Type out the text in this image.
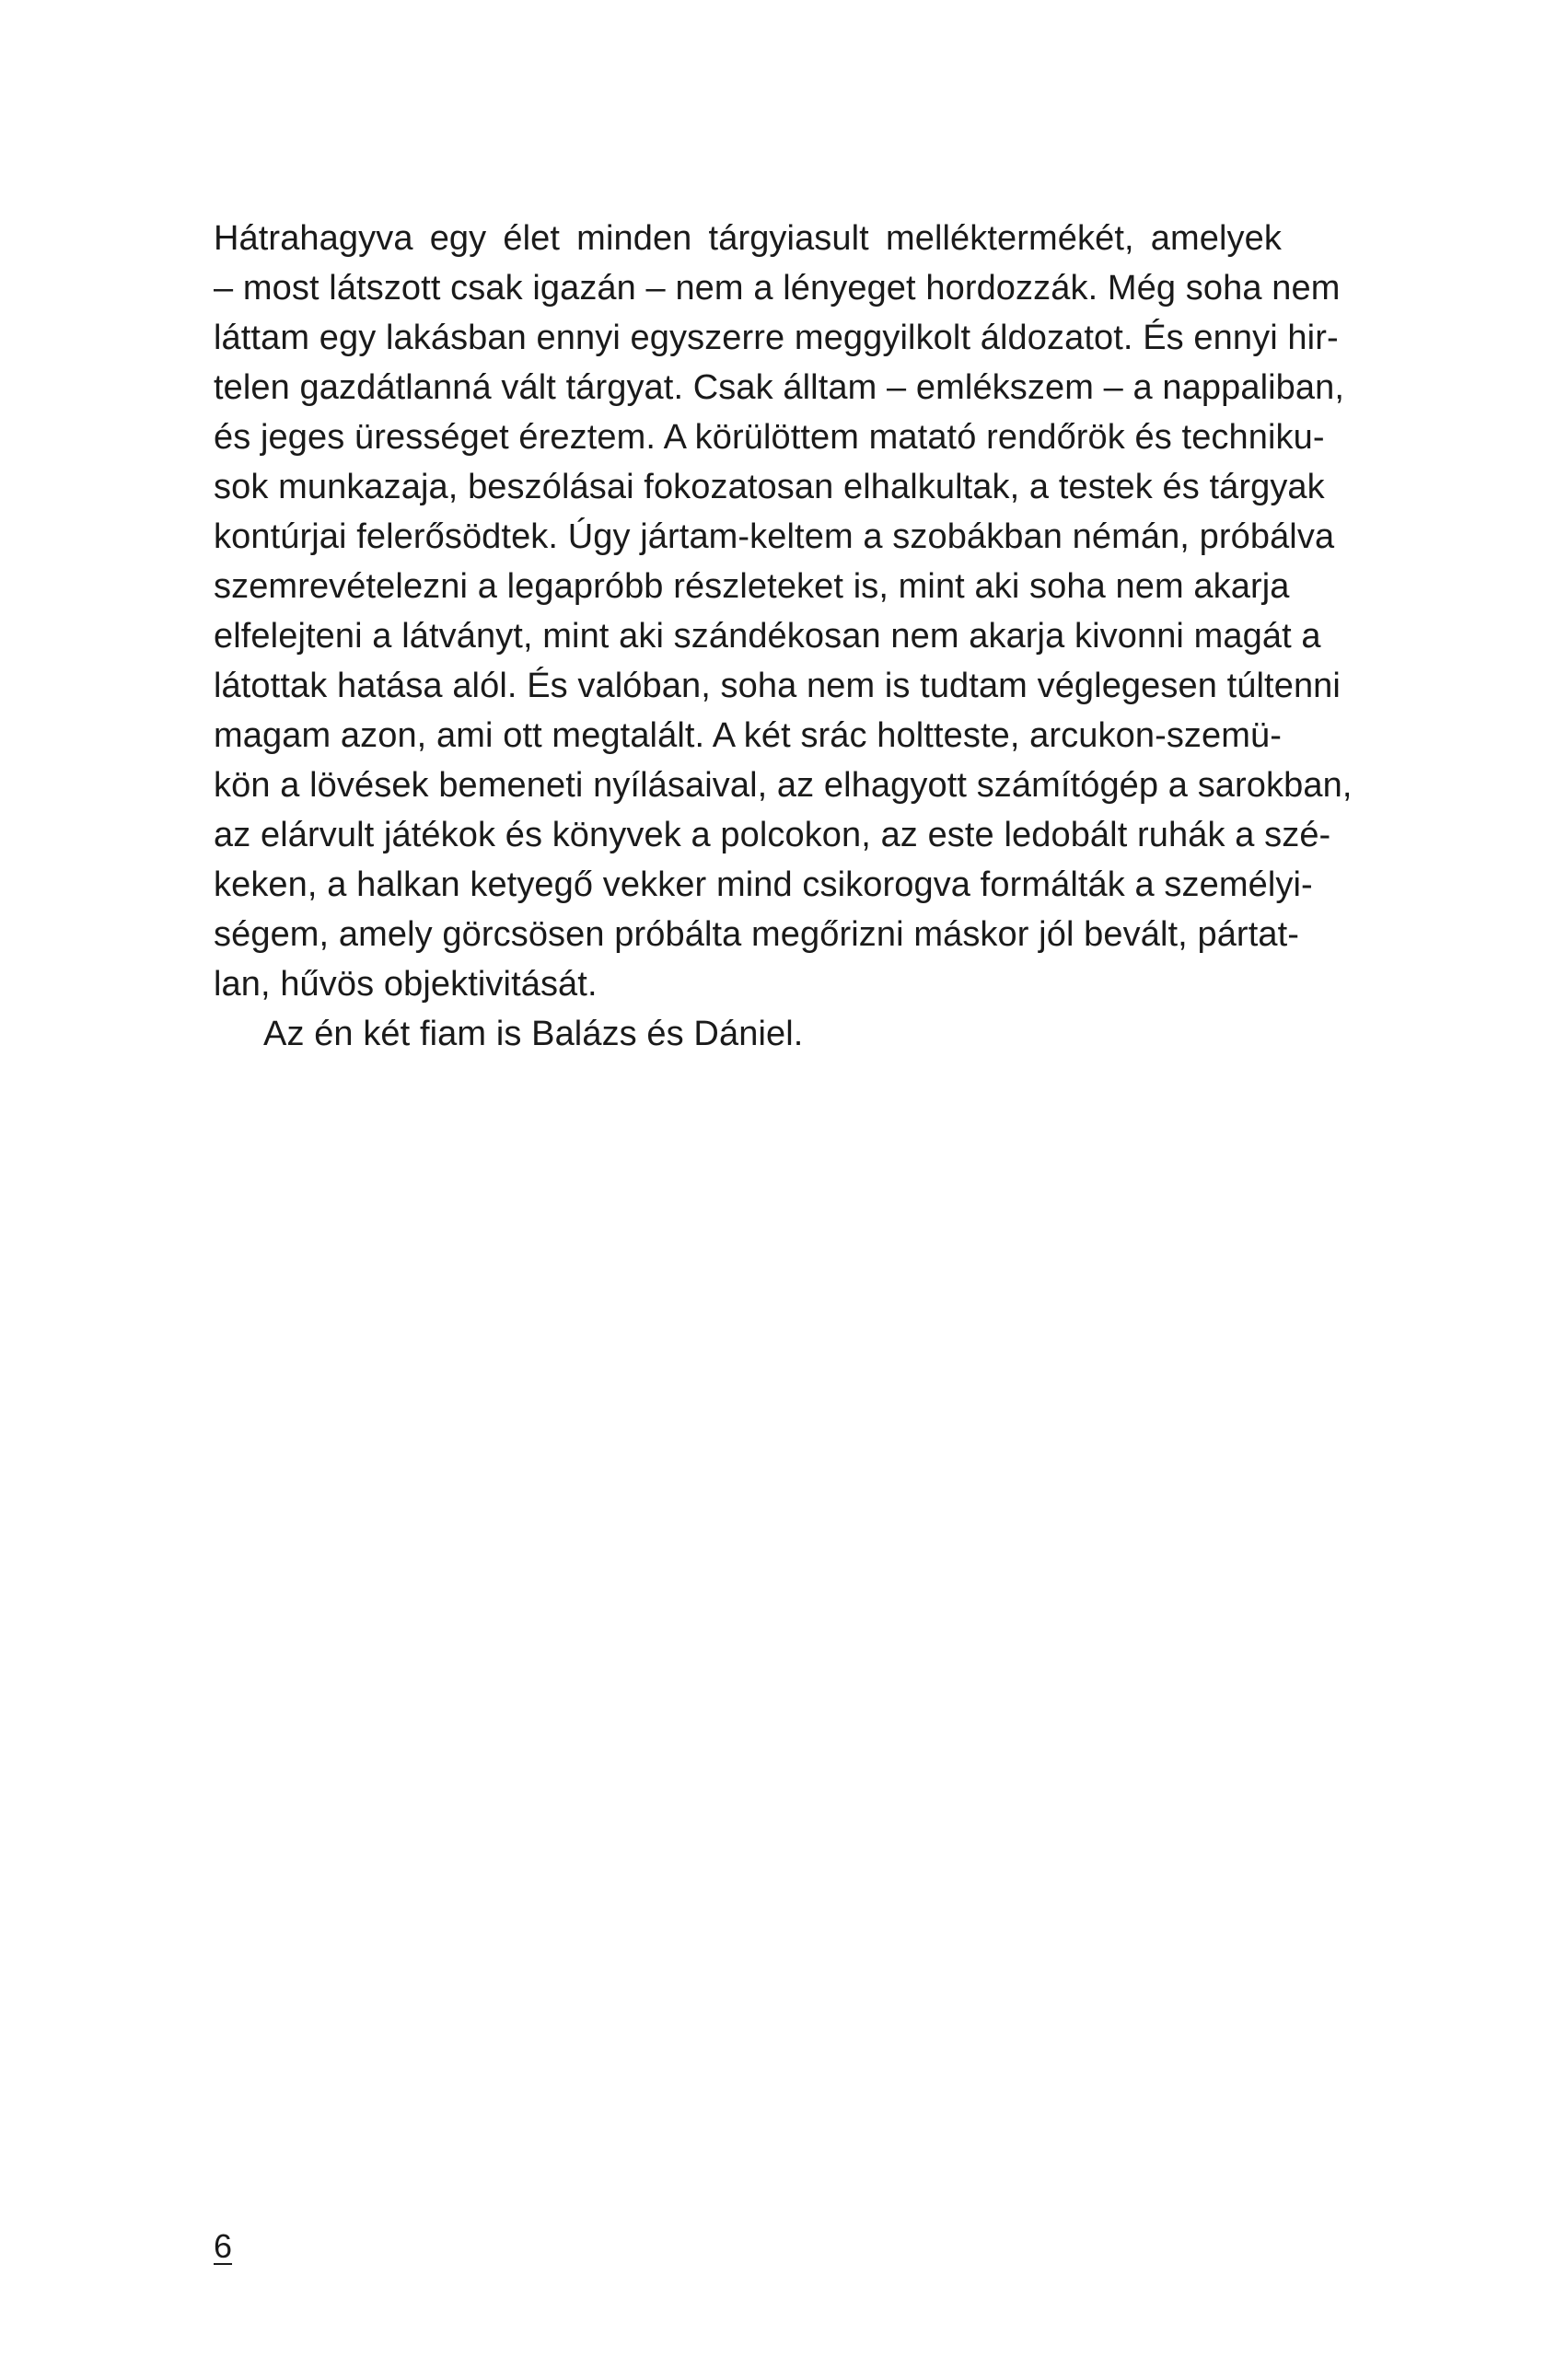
Hátrahagyva egy élet minden tárgyiasult melléktermékét, amelyek
– most látszott csak igazán – nem a lényeget hordozzák. Még soha nem
láttam egy lakásban ennyi egyszerre meggyilkolt áldozatot. És ennyi hir-
telen gazdátlanná vált tárgyat. Csak álltam – emlékszem – a nappaliban,
és jeges ürességet éreztem. A körülöttem matató rendőrök és techniku-
sok munkazaja, beszólásai fokozatosan elhalkultak, a testek és tárgyak
kontúrjai felerősödtek. Úgy jártam-keltem a szobákban némán, próbálva
szemrevételezni a legapróbb részleteket is, mint aki soha nem akarja
elfelejteni a látványt, mint aki szándékosan nem akarja kivonni magát a
látottak hatása alól. És valóban, soha nem is tudtam véglegesen túltenni
magam azon, ami ott megtalált. A két srác holtteste, arcukon-szemü-
kön a lövések bemeneti nyílásaival, az elhagyott számítógép a sarokban,
az elárvult játékok és könyvek a polcokon, az este ledobált ruhák a szé-
keken, a halkan ketyegő vekker mind csikorogva formálták a személyi-
ségem, amely görcsösen próbálta megőrizni máskor jól bevált, pártat-
lan, hűvös objektivitását.
Az én két fiam is Balázs és Dániel.
6
